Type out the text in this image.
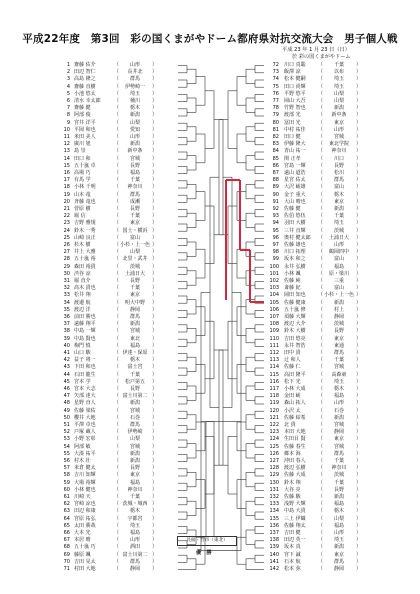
平成22年度　第3回　彩の国くまがやドーム都府県対抗交流大会　男子個人戦
平成 23 年 1 月 23 日（日）
於 彩の国くまがやドーム
1 齋藤 佑介	（	山形	）
2 田辺 智仁	（	長井北	）
3 高島 隆之	（	群馬	）
4 齋藤 直樹	（	伊勢崎一	）
5 小池 悠太	（	埼玉	）
6 清水 幸太郎	（	桶川	）
7 齋藤 健	（	栃木	）
8 阿部 俊	（	新潟	）
9 宮井 洋平	（	山梨	）
10 平岡 和也	（	愛知	）
11 米田 美人	（	山形	）
12 廣川 旭	（	新潟	）
13 島 崇	（	新中条	）
14 田口 和	（	宮城	）
15 五十嵐 卓	（	長野	）
16 高場 巧	（	福島	）
17 有馬 学	（	千葉	）
18 小林 千明	（	神奈川	）
19 山本 竜	（	群馬	）
20 斉藤 竜也	（	成瀬	）
21 菅原 樹	（	長野	）
22 堀 信	（	千葉	）
23 吉野 雅規	（	東京	）
24 鈴木 一秀	（ 国士・横浜 ）
25 山崎 良正	（	富山	）
26 杉木 樹	（ 小杉・上一色 ）
27 井上 大雅	（	山梨	）
28 五十嵐 裕	（ 北里・武井 ）
29 森田 裕貴	（	茨城	）
30 渋谷 涼	（	土浦日大	）
31 堀 直介	（	長野	）
32 髙木 貴也	（	千葉	）
33 松井 翔	（	東京	）
34 渡邉 航	（	明大中野	）
35 渡辺 洋	（	静岡	）
36 前田 勝也	（	群馬	）
37 遠藤 翔平	（	新潟	）
38 中島 一輝	（	宮城	）
39 中島 賢也	（	東北	）
40 梅門 慎	（	福島	）
41 山口 駿	（ 伊達・保原 ）
42 益子 将一	（	栃木	）
43 下田 和也	（	富士宮	）
44 石田 龍生	（	千葉	）
45 宮本 学	（	松戸第五	）
46 宮本 大志	（	長野	）
47 矢部 達大	（ 富士川第二 ）
48 星野 直人	（	新潟	）
49 佐藤 梁佑	（	宮城	）
50 櫻井 大地	（	石巻	）
51 平澤 卓也	（	群馬	）
52 戸塚 蔵人	（	伊勢崎	）
53 小野 宏彰	（	山梨	）
54 阿部 敏	（	宮城	）
55 大湊 祐平	（	新潟	）
56 村木 壮	（	新潟	）
57 米倉 健太	（	長野	）
58 吉川 知輝	（	東京	）
59 大場 裕輝	（	福島	）
60 小林 健也	（	神奈川	）
61 川崎 天	（	千葉	）
62 宮崎 涼也	（ 茨城・城西 ）
63 田辺 和康	（	栃木	）
64 宮原 祐弘	（	宇都宮	）
65 太田 勝哉	（	埼玉	）
66 大本 光	（	福島	）
67 本居 晴	（	山形	）
68 五十嵐 巧	（	酒田	）
69 藤原 颯	（ 富士川第二 ）
70 吉田 晃太	（	群馬	）
71 村田 大地	（	静岡	）
72 川口 真聡	（	千葉	）
73 飯澤 涼	（	以布	）
74 松本 健嗣	（	埼玉	）
75 田口 尚輝	（	埼玉	）
76 平野 悠平	（	山梨	）
77 岡山 大吾	（	山梨	）
78 竹野 智也	（	新潟	）
79 渡部 光	（	新中条	）
80 冨田 光	（	東京	）
81 中村 祐佳	（	山形	）
82 田口 健	（	宮城	）
83 伊藤 隆大	（	東北学院	）
84 青山 祐一	（	神奈川	）
85 関 正孝	（	川口	）
86 宮島 一輝	（	長野	）
87 遠山 道浩	（	松川	）
88 星宮 佑太	（	群馬	）
89 大沢 崚雄	（	富山	）
90 金子 重大	（	栃木	）
91 大山 晴也	（	東京	）
92 佐藤 健	（	新潟	）
93 佐伯 悠伍	（	千葉	）
94 羽田 大樹	（	埼玉	）
95 三井 直輝	（	茨城	）
96 奥村 健太郎	（	土浦日大	）
97 佐藤 雄也	（	山形	）
98 川口 拓理	（	鶴岡四中	）
99 坂本 和之	（	富山	）
100 永井 弘樹	（	福島	）
101 小林 颯	（	原・梁川	）
102 佐藤 純	（	三重	）
103 斎藤 紀	（	富山	）
104 岡田 知也	（ 小杉・上一色 ）
105 佐藤 健康	（	新潟	）
106 五十嵐 修	（	村上	）
107 須藤 大輝	（	静岡	）
108 渡辺 大介	（	茨城	）
109 鈴木 大樹	（	長野	）
110 吉田 悠亮	（	東京	）
111 永井 智浩	（	東通	）
112 田中 貴	（	群馬	）
113 辻 和人	（	千葉	）
114 佐藤 仁	（	宮城	）
115 高田 隆平	（	高森東	）
116 松下 光	（	埼玉	）
117 小林 大成	（	栃木	）
118 金田 崚	（	福島	）
119 森山 拓人	（	山形	）
120 小沢 太	（	石巻	）
121 佐藤 結希	（	新潟	）
122 北 貴	（	宮城	）
123 本田 大地	（	静岡	）
124 生田目 賢	（	東京	）
125 佐藤 春生	（	宮城	）
126 郷本 海	（	群馬	）
127 沖田 春人	（	千葉	）
128 渡辺 弘樹	（	神奈川	）
129 佐藤 大成	（	茨城	）
130 鈴木 翔	（	千葉	）
131 大谷 亮	（	長野	）
132 佐藤 駿	（	新潟	）
133 浅野 大輝	（	福島	）
134 中島 大貴	（	栃木	）
135 三上 伊織	（	山梨	）
136 佐藤 翔太	（	福島	）
137 吉田 健	（	山形	）
138 田辺 英一	（	埼玉	）
139 坂本 真	（	新潟	）
140 宮下 誠	（	東京	）
141 石本 航	（	群馬	）
142 松本 弥	（	静岡	）
長面・台市（東北）
優　勝
